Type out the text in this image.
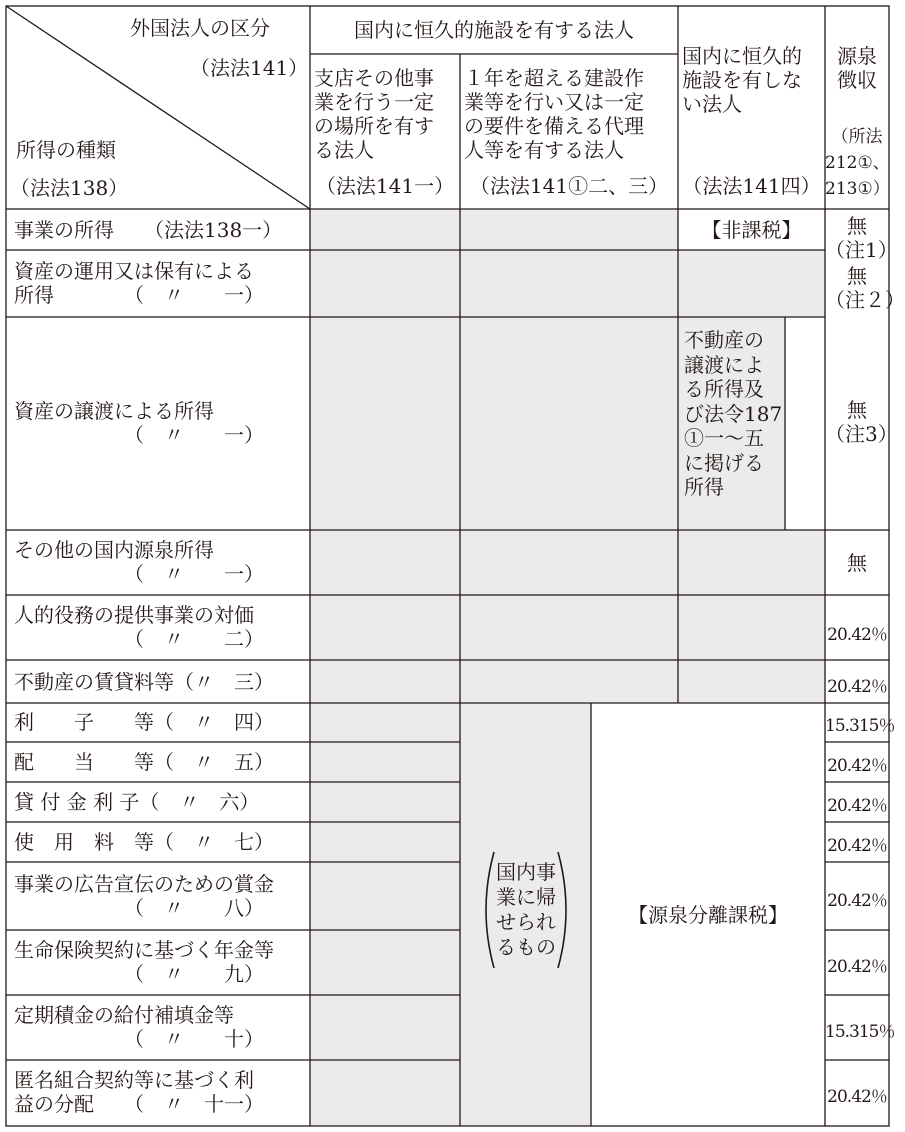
外国法人の区分
（法法141）
所得の種類
（法法138）
国内に恒久的施設を有する法人
支店その他事
業を行う一定
の場所を有す
る法人
（法法141一）
１年を超える建設作
業等を行い又は一定
の要件を備える代理
人等を有する法人
（法法141①二、三）
国内に恒久的
施設を有しな
い法人
（法法141四）
源泉
徴収
（所法
212①、
213①）
事業の所得　　（法法138一）
資産の運用又は保有による
所得　　　　（　〃　　一）
資産の譲渡による所得
　　　　　　（　〃　　一）
その他の国内源泉所得
　　　　　　（　〃　　一）
人的役務の提供事業の対価
　　　　　　（　〃　　二）
不動産の賃貸料等（〃　三）
利　　子　　等（　〃　四）
配　　当　　等（　〃　五）
貸 付 金 利 子（　〃　六）
使　用　料　等（　〃　七）
事業の広告宣伝のための賞金
　　　　　　（　〃　　八）
生命保険契約に基づく年金等
　　　　　　（　〃　　九）
定期積金の給付補填金等
　　　　　　（　〃　　十）
匿名組合契約等に基づく利
益の分配　　（　〃　十一）
【非課税】
不動産の
譲渡によ
る所得及
び法令187
①一～五
に掲げる
所得
国内事
業に帰
せられ
るもの
【源泉分離課税】
無
（注1）
無
（注２）
無
（注3）
無
20.42％
20.42％
15.315％
20.42％
20.42％
20.42％
20.42％
20.42％
15.315％
20.42％
